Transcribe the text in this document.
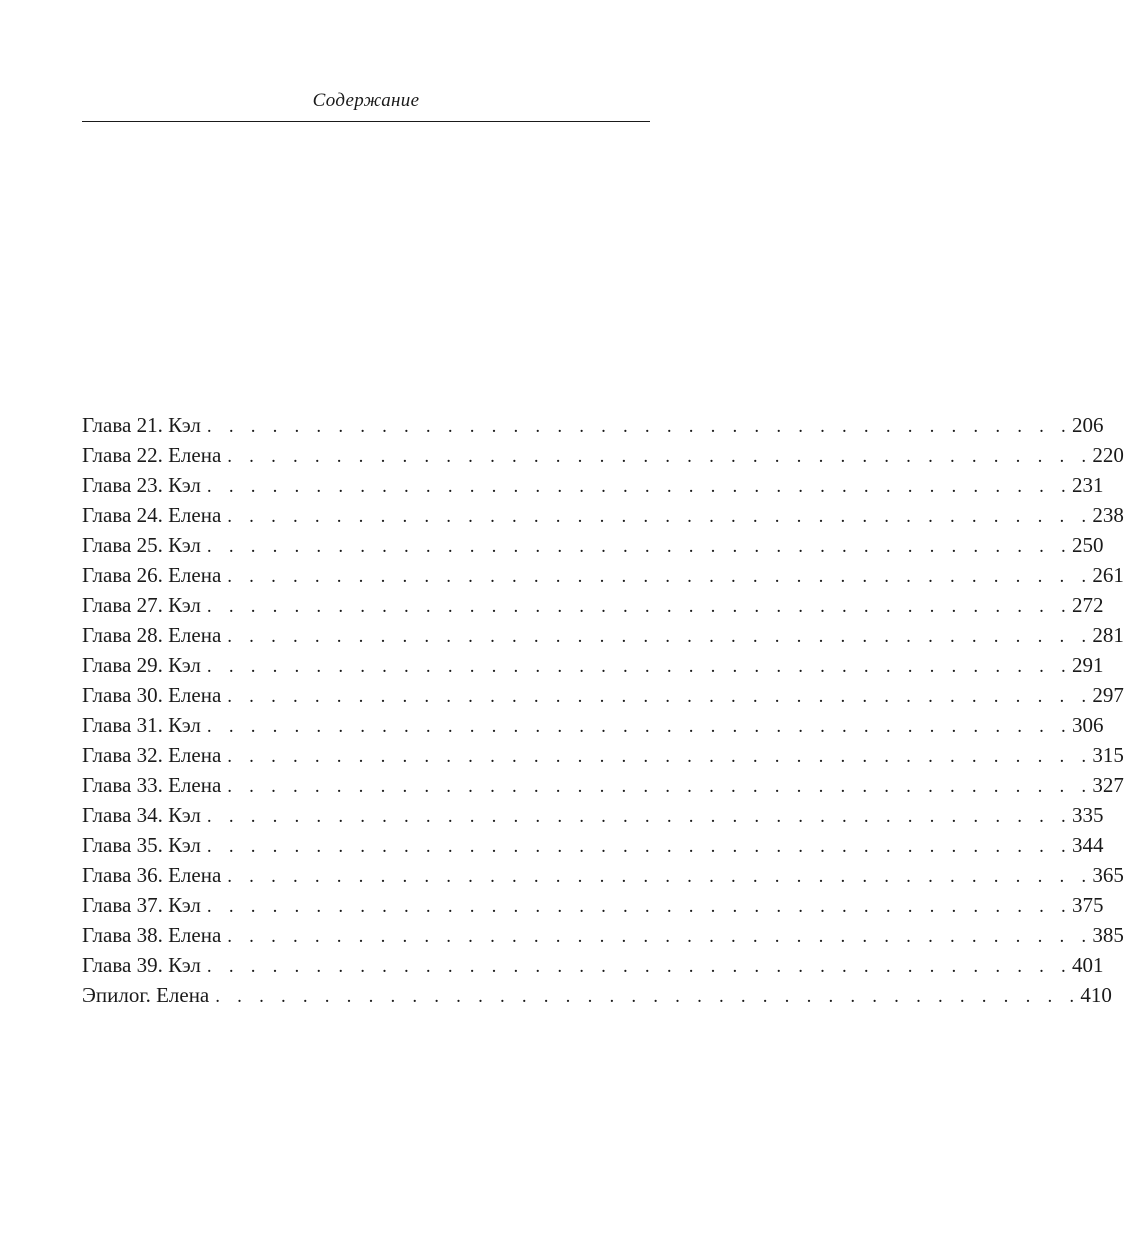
Содержание
Глава 21. Кэл . . . . . . . . . . . . . . . . . . . . . . . . . . . . . . . . . . . . . . . . 206
Глава 22. Елена . . . . . . . . . . . . . . . . . . . . . . . . . . . . . . . . . . . . . . . . 220
Глава 23. Кэл . . . . . . . . . . . . . . . . . . . . . . . . . . . . . . . . . . . . . . . . 231
Глава 24. Елена . . . . . . . . . . . . . . . . . . . . . . . . . . . . . . . . . . . . . . . . 238
Глава 25. Кэл . . . . . . . . . . . . . . . . . . . . . . . . . . . . . . . . . . . . . . . . 250
Глава 26. Елена . . . . . . . . . . . . . . . . . . . . . . . . . . . . . . . . . . . . . . . . 261
Глава 27. Кэл . . . . . . . . . . . . . . . . . . . . . . . . . . . . . . . . . . . . . . . . 272
Глава 28. Елена . . . . . . . . . . . . . . . . . . . . . . . . . . . . . . . . . . . . . . . . 281
Глава 29. Кэл . . . . . . . . . . . . . . . . . . . . . . . . . . . . . . . . . . . . . . . . 291
Глава 30. Елена . . . . . . . . . . . . . . . . . . . . . . . . . . . . . . . . . . . . . . . . 297
Глава 31. Кэл . . . . . . . . . . . . . . . . . . . . . . . . . . . . . . . . . . . . . . . . 306
Глава 32. Елена . . . . . . . . . . . . . . . . . . . . . . . . . . . . . . . . . . . . . . . . 315
Глава 33. Елена . . . . . . . . . . . . . . . . . . . . . . . . . . . . . . . . . . . . . . . . 327
Глава 34. Кэл . . . . . . . . . . . . . . . . . . . . . . . . . . . . . . . . . . . . . . . . 335
Глава 35. Кэл . . . . . . . . . . . . . . . . . . . . . . . . . . . . . . . . . . . . . . . . 344
Глава 36. Елена . . . . . . . . . . . . . . . . . . . . . . . . . . . . . . . . . . . . . . . . 365
Глава 37. Кэл . . . . . . . . . . . . . . . . . . . . . . . . . . . . . . . . . . . . . . . . 375
Глава 38. Елена . . . . . . . . . . . . . . . . . . . . . . . . . . . . . . . . . . . . . . . . 385
Глава 39. Кэл . . . . . . . . . . . . . . . . . . . . . . . . . . . . . . . . . . . . . . . . 401
Эпилог. Елена . . . . . . . . . . . . . . . . . . . . . . . . . . . . . . . . . . . . . . . . 410
